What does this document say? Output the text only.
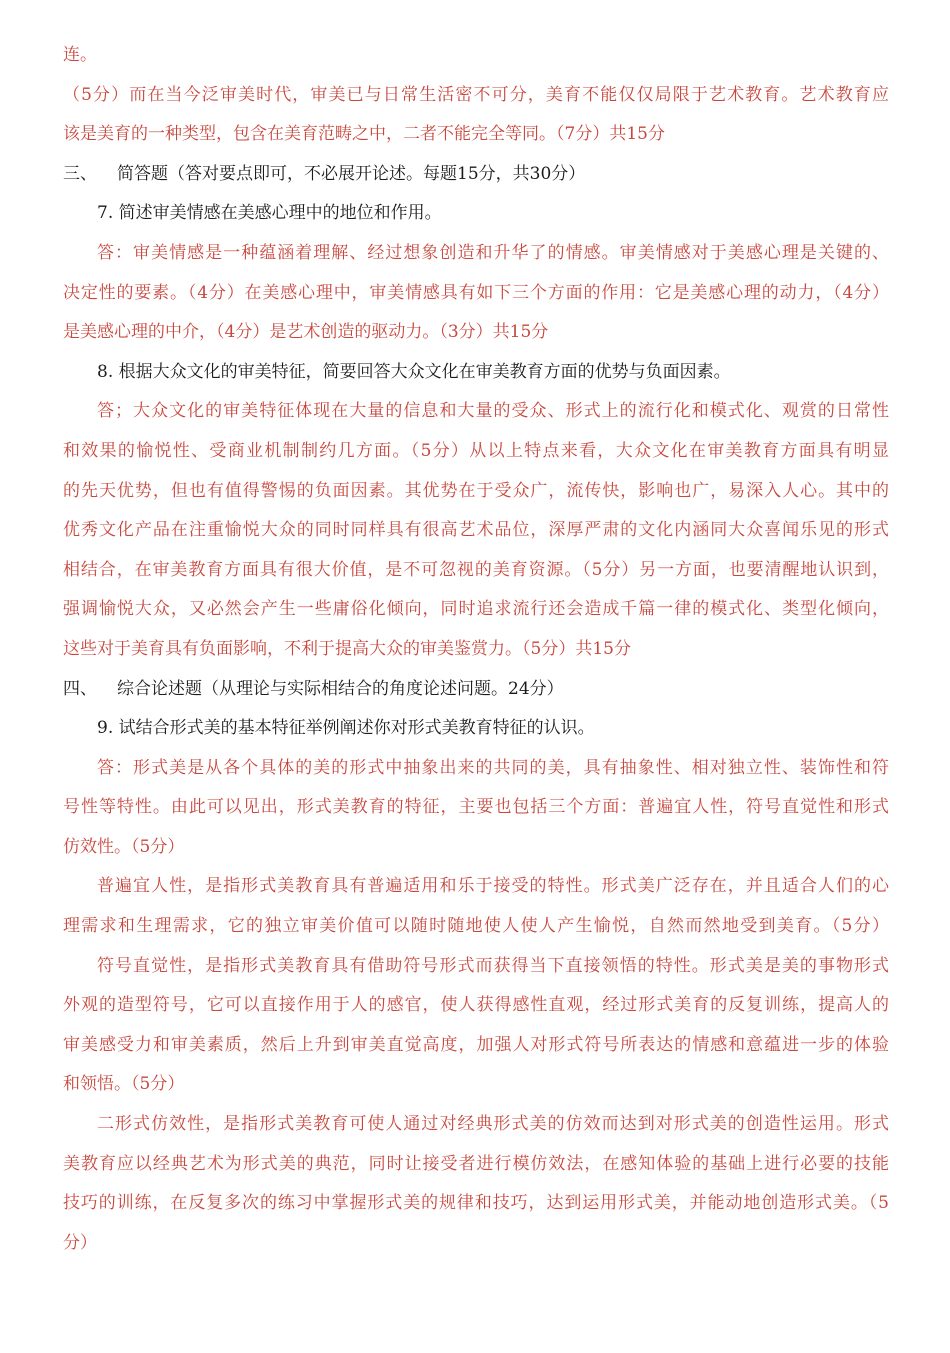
连。
（5分）而在当今泛审美时代，审美已与日常生活密不可分，美育不能仅仅局限于艺术教育。艺术教育应
该是美育的一种类型，包含在美育范畴之中，二者不能完全等同。（7分）共15分
三、 简答题（答对要点即可，不必展开论述。每题15分，共30分）
7. 简述审美情感在美感心理中的地位和作用。
答：审美情感是一种蕴涵着理解、经过想象创造和升华了的情感。审美情感对于美感心理是关键的、
决定性的要素。（4分）在美感心理中，审美情感具有如下三个方面的作用：它是美感心理的动力，（4分）
是美感心理的中介，（4分）是艺术创造的驱动力。（3分）共15分
8. 根据大众文化的审美特征，简要回答大众文化在审美教育方面的优势与负面因素。
答；大众文化的审美特征体现在大量的信息和大量的受众、形式上的流行化和模式化、观赏的日常性
和效果的愉悦性、受商业机制制约几方面。（5分）从以上特点来看，大众文化在审美教育方面具有明显
的先天优势，但也有值得警惕的负面因素。其优势在于受众广，流传快，影响也广，易深入人心。其中的
优秀文化产品在注重愉悦大众的同时同样具有很高艺术品位，深厚严肃的文化内涵同大众喜闻乐见的形式
相结合，在审美教育方面具有很大价值，是不可忽视的美育资源。（5分）另一方面，也要清醒地认识到，
强调愉悦大众，又必然会产生一些庸俗化倾向，同时追求流行还会造成千篇一律的模式化、类型化倾向，
这些对于美育具有负面影响，不利于提高大众的审美鉴赏力。（5分）共15分
四、 综合论述题（从理论与实际相结合的角度论述问题。24分）
9. 试结合形式美的基本特征举例阐述你对形式美教育特征的认识。
答：形式美是从各个具体的美的形式中抽象出来的共同的美，具有抽象性、相对独立性、装饰性和符
号性等特性。由此可以见出，形式美教育的特征，主要也包括三个方面：普遍宜人性，符号直觉性和形式
仿效性。（5分）
普遍宜人性，是指形式美教育具有普遍适用和乐于接受的特性。形式美广泛存在，并且适合人们的心
理需求和生理需求，它的独立审美价值可以随时随地使人使人产生愉悦，自然而然地受到美育。（5分）
符号直觉性，是指形式美教育具有借助符号形式而获得当下直接领悟的特性。形式美是美的事物形式
外观的造型符号，它可以直接作用于人的感官，使人获得感性直观，经过形式美育的反复训练，提高人的
审美感受力和审美素质，然后上升到审美直觉高度，加强人对形式符号所表达的情感和意蕴进一步的体验
和领悟。（5分）
二形式仿效性，是指形式美教育可使人通过对经典形式美的仿效而达到对形式美的创造性运用。形式
美教育应以经典艺术为形式美的典范，同时让接受者进行模仿效法，在感知体验的基础上进行必要的技能
技巧的训练，在反复多次的练习中掌握形式美的规律和技巧，达到运用形式美，并能动地创造形式美。（5
分）
